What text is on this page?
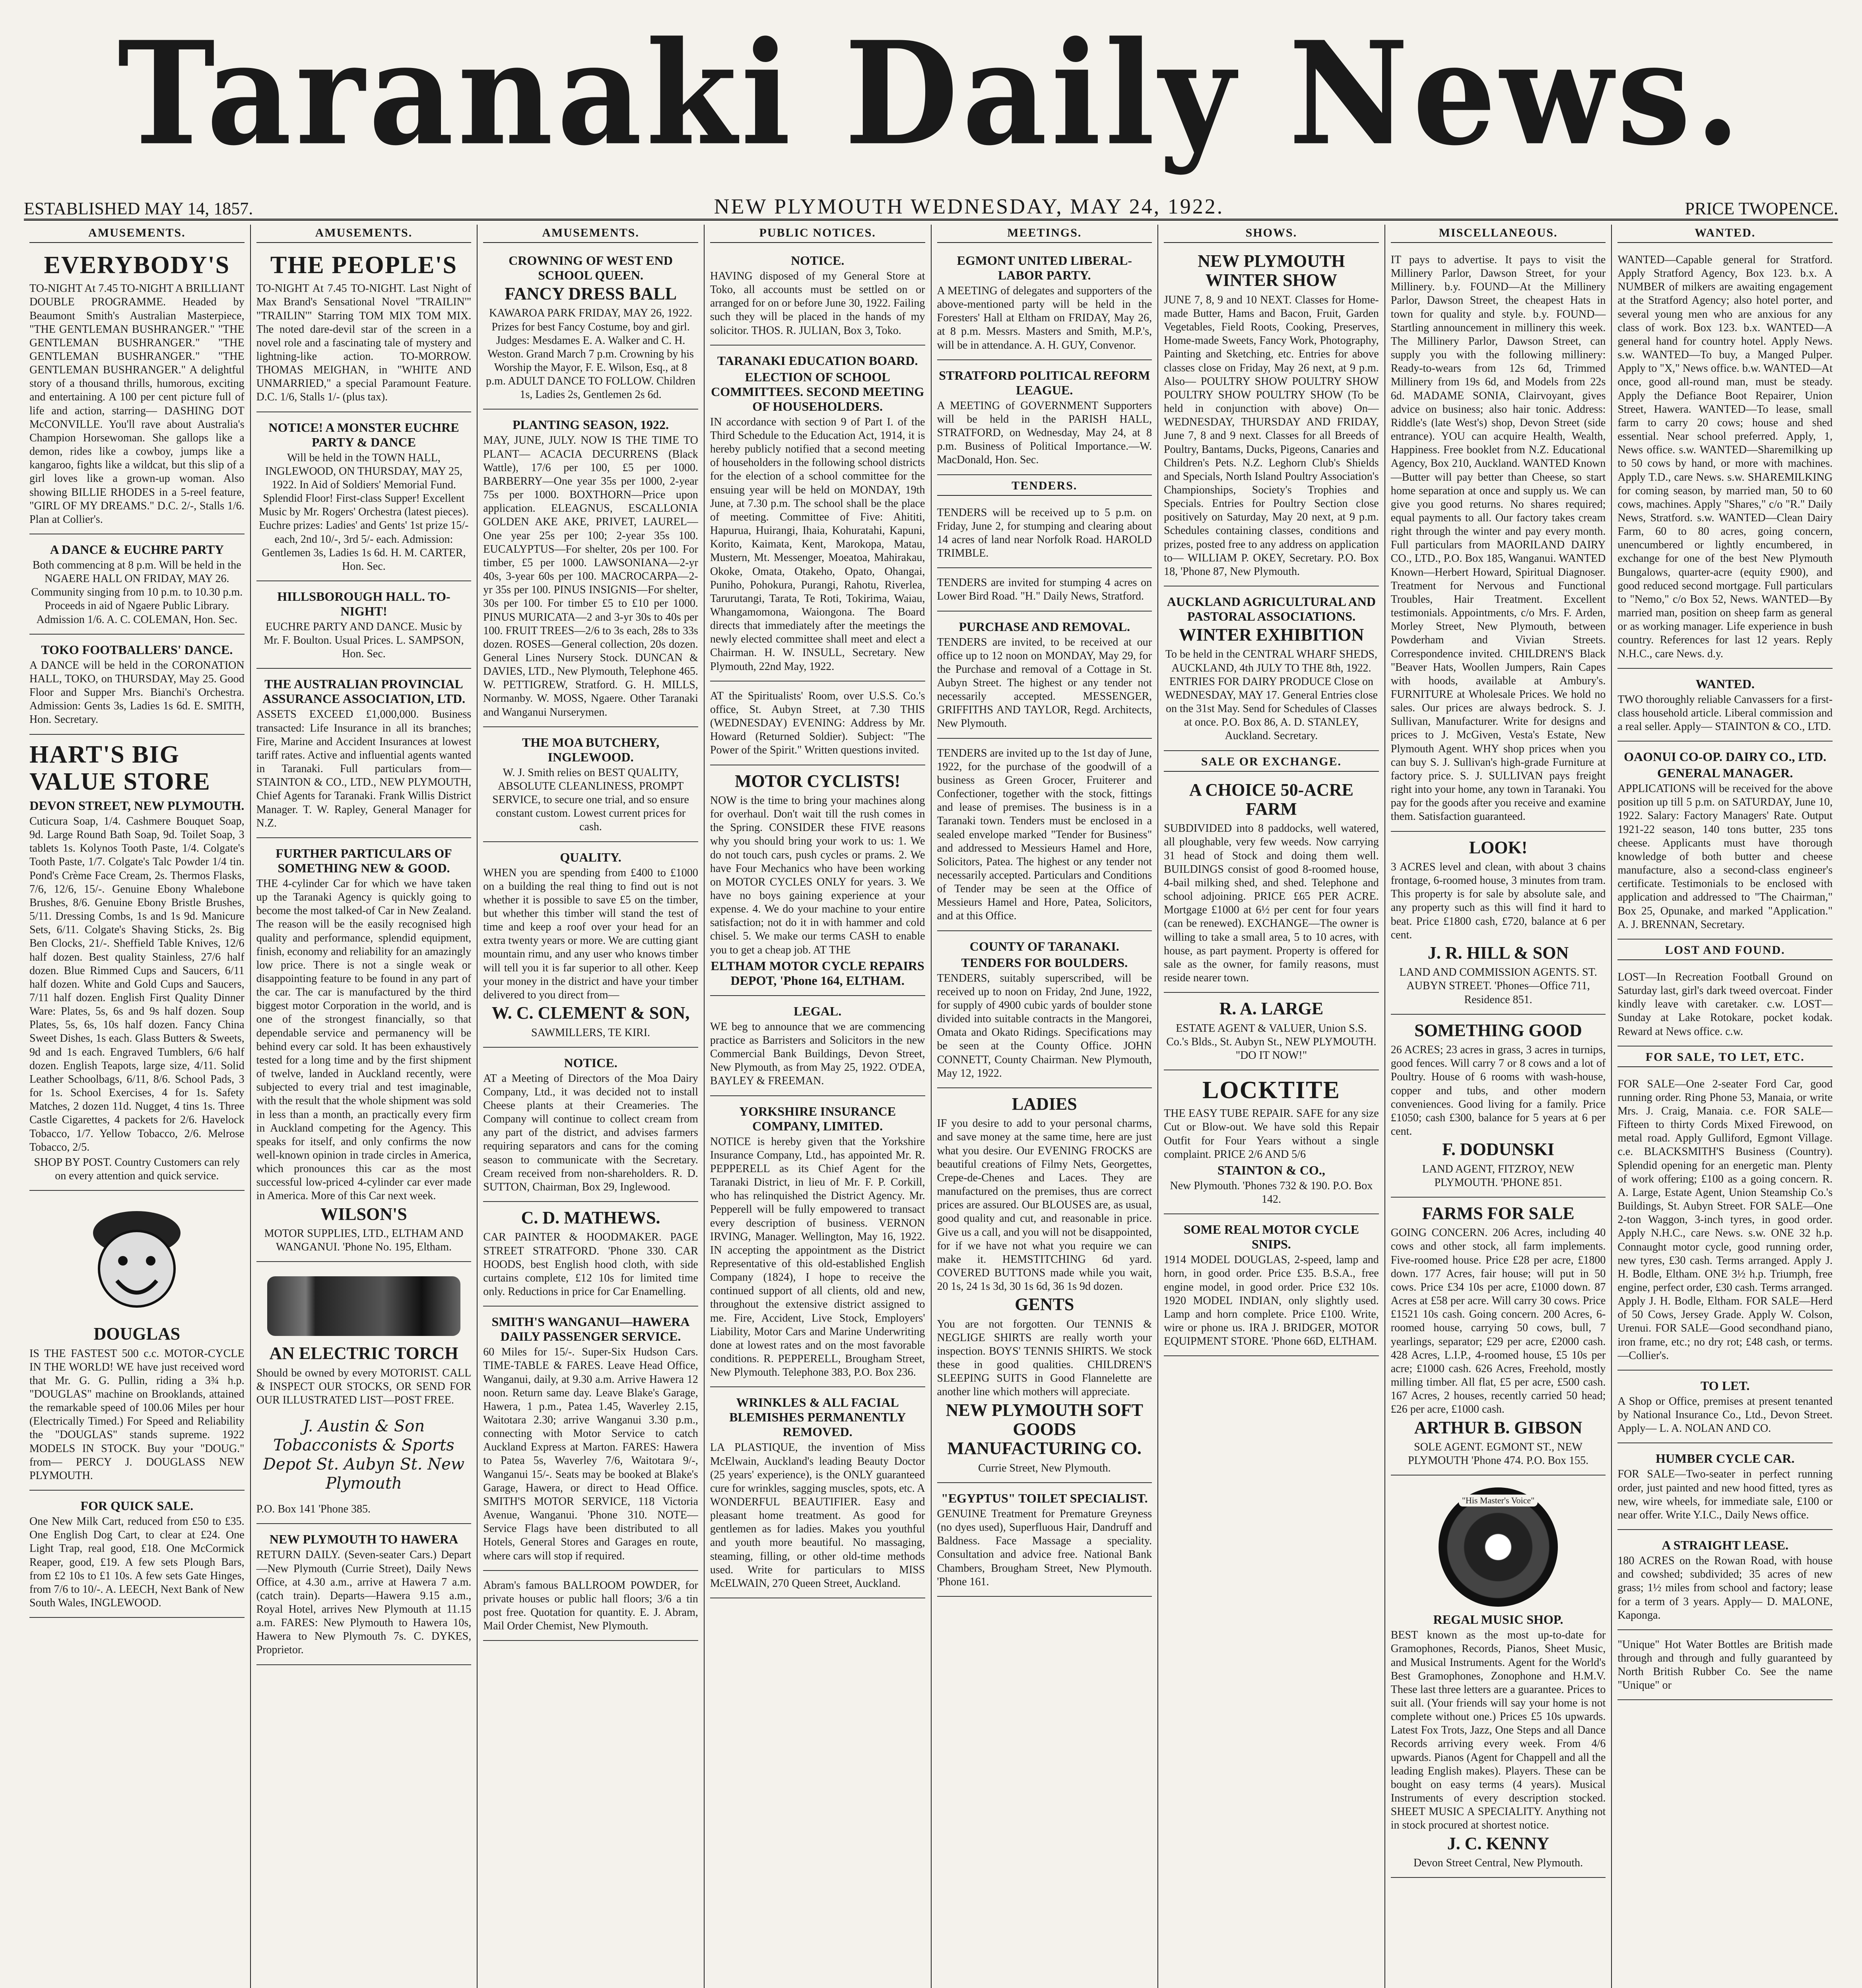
Taranaki Daily News.
ESTABLISHED MAY 14, 1857.	NEW PLYMOUTH WEDNESDAY, MAY 24, 1922.	PRICE TWOPENCE.
AMUSEMENTS.
EVERYBODY'S

TO-NIGHT At 7.45 TO-NIGHT A BRILLIANT DOUBLE PROGRAMME. Headed by Beaumont Smith's Australian Masterpiece, "THE GENTLEMAN BUSHRANGER." "THE GENTLEMAN BUSHRANGER." "THE GENTLEMAN BUSHRANGER." "THE GENTLEMAN BUSHRANGER." A delightful story of a thousand thrills, humorous, exciting and entertaining. A 100 per cent picture full of life and action, starring— DASHING DOT McCONVILLE. You'll rave about Australia's Champion Horsewoman. She gallops like a demon, rides like a cowboy, jumps like a kangaroo, fights like a wildcat, but this slip of a girl loves like a grown-up woman. Also showing BILLIE RHODES in a 5-reel feature, "GIRL OF MY DREAMS." D.C. 2/-, Stalls 1/6. Plan at Collier's.

A DANCE & EUCHRE PARTY

Both commencing at 8 p.m. Will be held in the NGAERE HALL ON FRIDAY, MAY 26. Community singing from 10 p.m. to 10.30 p.m. Proceeds in aid of Ngaere Public Library. Admission 1/6. A. C. COLEMAN, Hon. Sec.

TOKO FOOTBALLERS' DANCE.

A DANCE will be held in the CORONATION HALL, TOKO, on THURSDAY, May 25. Good Floor and Supper Mrs. Bianchi's Orchestra. Admission: Gents 3s, Ladies 1s 6d. E. SMITH, Hon. Secretary.

HART'S BIG VALUE STORE
DEVON STREET, NEW PLYMOUTH.

Cuticura Soap, 1/4. Cashmere Bouquet Soap, 9d. Large Round Bath Soap, 9d. Toilet Soap, 3 tablets 1s. Kolynos Tooth Paste, 1/4. Colgate's Tooth Paste, 1/7. Colgate's Talc Powder 1/4 tin. Pond's Crème Face Cream, 2s. Thermos Flasks, 7/6, 12/6, 15/-. Genuine Ebony Whalebone Brushes, 8/6. Genuine Ebony Bristle Brushes, 5/11. Dressing Combs, 1s and 1s 9d. Manicure Sets, 6/11. Colgate's Shaving Sticks, 2s. Big Ben Clocks, 21/-. Sheffield Table Knives, 12/6 half dozen. Best quality Stainless, 27/6 half dozen. Blue Rimmed Cups and Saucers, 6/11 half dozen. White and Gold Cups and Saucers, 7/11 half dozen. English First Quality Dinner Ware: Plates, 5s, 6s and 9s half dozen. Soup Plates, 5s, 6s, 10s half dozen. Fancy China Sweet Dishes, 1s each. Glass Butters & Sweets, 9d and 1s each. Engraved Tumblers, 6/6 half dozen. English Teapots, large size, 4/11. Solid Leather Schoolbags, 6/11, 8/6. School Pads, 3 for 1s. School Exercises, 4 for 1s. Safety Matches, 2 dozen 11d. Nugget, 4 tins 1s. Three Castle Cigarettes, 4 packets for 2/6. Havelock Tobacco, 1/7. Yellow Tobacco, 2/6. Melrose Tobacco, 2/5.

SHOP BY POST. Country Customers can rely on every attention and quick service.

DOUGLAS

IS THE FASTEST 500 c.c. MOTOR-CYCLE IN THE WORLD! WE have just received word that Mr. G. G. Pullin, riding a 3¾ h.p. "DOUGLAS" machine on Brooklands, attained the remarkable speed of 100.06 Miles per hour (Electrically Timed.) For Speed and Reliability the "DOUGLAS" stands supreme. 1922 MODELS IN STOCK. Buy your "DOUG." from— PERCY J. DOUGLASS NEW PLYMOUTH.

FOR QUICK SALE.

One New Milk Cart, reduced from £50 to £35. One English Dog Cart, to clear at £24. One Light Trap, real good, £18. One McCormick Reaper, good, £19. A few sets Plough Bars, from £2 10s to £1 10s. A few sets Gate Hinges, from 7/6 to 10/-. A. LEECH, Next Bank of New South Wales, INGLEWOOD.

AMUSEMENTS.
THE PEOPLE'S

TO-NIGHT At 7.45 TO-NIGHT. Last Night of Max Brand's Sensational Novel "TRAILIN'" "TRAILIN'" Starring TOM MIX TOM MIX. The noted dare-devil star of the screen in a novel role and a fascinating tale of mystery and lightning-like action. TO-MORROW. THOMAS MEIGHAN, in "WHITE AND UNMARRIED," a special Paramount Feature. D.C. 1/6, Stalls 1/- (plus tax).

NOTICE! A MONSTER EUCHRE PARTY & DANCE

Will be held in the TOWN HALL, INGLEWOOD, ON THURSDAY, MAY 25, 1922. In Aid of Soldiers' Memorial Fund. Splendid Floor! First-class Supper! Excellent Music by Mr. Rogers' Orchestra (latest pieces). Euchre prizes: Ladies' and Gents' 1st prize 15/- each, 2nd 10/-, 3rd 5/- each. Admission: Gentlemen 3s, Ladies 1s 6d. H. M. CARTER, Hon. Sec.

HILLSBOROUGH HALL. TO-NIGHT!

EUCHRE PARTY AND DANCE. Music by Mr. F. Boulton. Usual Prices. L. SAMPSON, Hon. Sec.

THE AUSTRALIAN PROVINCIAL ASSURANCE ASSOCIATION, LTD.

ASSETS EXCEED £1,000,000. Business transacted: Life Insurance in all its branches; Fire, Marine and Accident Insurances at lowest tariff rates. Active and influential agents wanted in Taranaki. Full particulars from— STAINTON & CO., LTD., NEW PLYMOUTH, Chief Agents for Taranaki. Frank Willis District Manager. T. W. Rapley, General Manager for N.Z.

FURTHER PARTICULARS OF SOMETHING NEW & GOOD.

THE 4-cylinder Car for which we have taken up the Taranaki Agency is quickly going to become the most talked-of Car in New Zealand. The reason will be the easily recognised high quality and performance, splendid equipment, finish, economy and reliability for an amazingly low price. There is not a single weak or disappointing feature to be found in any part of the car. The car is manufactured by the third biggest motor Corporation in the world, and is one of the strongest financially, so that dependable service and permanency will be behind every car sold. It has been exhaustively tested for a long time and by the first shipment of twelve, landed in Auckland recently, were subjected to every trial and test imaginable, with the result that the whole shipment was sold in less than a month, an practically every firm in Auckland competing for the Agency. This speaks for itself, and only confirms the now well-known opinion in trade circles in America, which pronounces this car as the most successful low-priced 4-cylinder car ever made in America. More of this Car next week.

WILSON'S

MOTOR SUPPLIES, LTD., ELTHAM AND WANGANUI. 'Phone No. 195, Eltham.

AN ELECTRIC TORCH

Should be owned by every MOTORIST. CALL & INSPECT OUR STOCKS, OR SEND FOR OUR ILLUSTRATED LIST—POST FREE.

J. Austin & Son Tobacconists & Sports Depot St. Aubyn St. New Plymouth

P.O. Box 141 'Phone 385.

NEW PLYMOUTH TO HAWERA

RETURN DAILY. (Seven-seater Cars.) Depart—New Plymouth (Currie Street), Daily News Office, at 4.30 a.m., arrive at Hawera 7 a.m. (catch train). Departs—Hawera 9.15 a.m., Royal Hotel, arrives New Plymouth at 11.15 a.m. FARES: New Plymouth to Hawera 10s, Hawera to New Plymouth 7s. C. DYKES, Proprietor.

AMUSEMENTS.
CROWNING OF WEST END SCHOOL QUEEN.
FANCY DRESS BALL

KAWAROA PARK FRIDAY, MAY 26, 1922. Prizes for best Fancy Costume, boy and girl. Judges: Mesdames E. A. Walker and C. H. Weston. Grand March 7 p.m. Crowning by his Worship the Mayor, F. E. Wilson, Esq., at 8 p.m. ADULT DANCE TO FOLLOW. Children 1s, Ladies 2s, Gentlemen 2s 6d.

PLANTING SEASON, 1922.

MAY, JUNE, JULY. NOW IS THE TIME TO PLANT— ACACIA DECURRENS (Black Wattle), 17/6 per 100, £5 per 1000. BARBERRY—One year 35s per 1000, 2-year 75s per 1000. BOXTHORN—Price upon application. ELEAGNUS, ESCALLONIA GOLDEN AKE AKE, PRIVET, LAUREL—One year 25s per 100; 2-year 35s 100. EUCALYPTUS—For shelter, 20s per 100. For timber, £5 per 1000. LAWSONIANA—2-yr 40s, 3-year 60s per 100. MACROCARPA—2-yr 35s per 100. PINUS INSIGNIS—For shelter, 30s per 100. For timber £5 to £10 per 1000. PINUS MURICATA—2 and 3-yr 30s to 40s per 100. FRUIT TREES—2/6 to 3s each, 28s to 33s dozen. ROSES—General collection, 20s dozen. General Lines Nursery Stock. DUNCAN & DAVIES, LTD., New Plymouth, Telephone 465. W. PETTIGREW, Stratford. G. H. MILLS, Normanby. W. MOSS, Ngaere. Other Taranaki and Wanganui Nurserymen.

THE MOA BUTCHERY, INGLEWOOD.

W. J. Smith relies on BEST QUALITY, ABSOLUTE CLEANLINESS, PROMPT SERVICE, to secure one trial, and so ensure constant custom. Lowest current prices for cash.

QUALITY.

WHEN you are spending from £400 to £1000 on a building the real thing to find out is not whether it is possible to save £5 on the timber, but whether this timber will stand the test of time and keep a roof over your head for an extra twenty years or more. We are cutting giant mountain rimu, and any user who knows timber will tell you it is far superior to all other. Keep your money in the district and have your timber delivered to you direct from—

W. C. CLEMENT & SON,

SAWMILLERS, TE KIRI.

NOTICE.

AT a Meeting of Directors of the Moa Dairy Company, Ltd., it was decided not to install Cheese plants at their Creameries. The Company will continue to collect cream from any part of the district, and advises farmers requiring separators and cans for the coming season to communicate with the Secretary. Cream received from non-shareholders. R. D. SUTTON, Chairman, Box 29, Inglewood.

C. D. MATHEWS.

CAR PAINTER & HOODMAKER. PAGE STREET STRATFORD. 'Phone 330. CAR HOODS, best English hood cloth, with side curtains complete, £12 10s for limited time only. Reductions in price for Car Enamelling.

SMITH'S WANGANUI—HAWERA DAILY PASSENGER SERVICE.

60 Miles for 15/-. Super-Six Hudson Cars. TIME-TABLE & FARES. Leave Head Office, Wanganui, daily, at 9.30 a.m. Arrive Hawera 12 noon. Return same day. Leave Blake's Garage, Hawera, 1 p.m., Patea 1.45, Waverley 2.15, Waitotara 2.30; arrive Wanganui 3.30 p.m., connecting with Motor Service to catch Auckland Express at Marton. FARES: Hawera to Patea 5s, Waverley 7/6, Waitotara 9/-, Wanganui 15/-. Seats may be booked at Blake's Garage, Hawera, or direct to Head Office. SMITH'S MOTOR SERVICE, 118 Victoria Avenue, Wanganui. 'Phone 310. NOTE—Service Flags have been distributed to all Hotels, General Stores and Garages en route, where cars will stop if required.

Abram's famous BALLROOM POWDER, for private houses or public hall floors; 3/6 a tin post free. Quotation for quantity. E. J. Abram, Mail Order Chemist, New Plymouth.

PUBLIC NOTICES.
NOTICE.

HAVING disposed of my General Store at Toko, all accounts must be settled on or arranged for on or before June 30, 1922. Failing such they will be placed in the hands of my solicitor. THOS. R. JULIAN, Box 3, Toko.

TARANAKI EDUCATION BOARD.
ELECTION OF SCHOOL COMMITTEES. SECOND MEETING OF HOUSEHOLDERS.

IN accordance with section 9 of Part I. of the Third Schedule to the Education Act, 1914, it is hereby publicly notified that a second meeting of householders in the following school districts for the election of a school committee for the ensuing year will be held on MONDAY, 19th June, at 7.30 p.m. The school shall be the place of meeting. Committee of Five: Ahititi, Hapurua, Huirangi, Ihaia, Kohuratahi, Kapuni, Korito, Kaimata, Kent, Marokopa, Matau, Mustern, Mt. Messenger, Moeatoa, Mahirakau, Okoke, Omata, Otakeho, Opato, Ohangai, Puniho, Pohokura, Purangi, Rahotu, Riverlea, Tarurutangi, Tarata, Te Roti, Tokirima, Waiau, Whangamomona, Waiongona. The Board directs that immediately after the meetings the newly elected committee shall meet and elect a Chairman. H. W. INSULL, Secretary. New Plymouth, 22nd May, 1922.

AT the Spiritualists' Room, over U.S.S. Co.'s office, St. Aubyn Street, at 7.30 THIS (WEDNESDAY) EVENING: Address by Mr. Howard (Returned Soldier). Subject: "The Power of the Spirit." Written questions invited.

MOTOR CYCLISTS!

NOW is the time to bring your machines along for overhaul. Don't wait till the rush comes in the Spring. CONSIDER these FIVE reasons why you should bring your work to us: 1. We do not touch cars, push cycles or prams. 2. We have Four Mechanics who have been working on MOTOR CYCLES ONLY for years. 3. We have no boys gaining experience at your expense. 4. We do your machine to your entire satisfaction; not do it in with hammer and cold chisel. 5. We make our terms CASH to enable you to get a cheap job. AT THE

ELTHAM MOTOR CYCLE REPAIRS DEPOT, 'Phone 164, ELTHAM.
LEGAL.

WE beg to announce that we are commencing practice as Barristers and Solicitors in the new Commercial Bank Buildings, Devon Street, New Plymouth, as from May 25, 1922. O'DEA, BAYLEY & FREEMAN.

YORKSHIRE INSURANCE COMPANY, LIMITED.

NOTICE is hereby given that the Yorkshire Insurance Company, Ltd., has appointed Mr. R. PEPPERELL as its Chief Agent for the Taranaki District, in lieu of Mr. F. P. Corkill, who has relinquished the District Agency. Mr. Pepperell will be fully empowered to transact every description of business. VERNON IRVING, Manager. Wellington, May 16, 1922. IN accepting the appointment as the District Representative of this old-established English Company (1824), I hope to receive the continued support of all clients, old and new, throughout the extensive district assigned to me. Fire, Accident, Live Stock, Employers' Liability, Motor Cars and Marine Underwriting done at lowest rates and on the most favorable conditions. R. PEPPERELL, Brougham Street, New Plymouth. Telephone 383, P.O. Box 236.

WRINKLES & ALL FACIAL BLEMISHES PERMANENTLY REMOVED.

LA PLASTIQUE, the invention of Miss McElwain, Auckland's leading Beauty Doctor (25 years' experience), is the ONLY guaranteed cure for wrinkles, sagging muscles, spots, etc. A WONDERFUL BEAUTIFIER. Easy and pleasant home treatment. As good for gentlemen as for ladies. Makes you youthful and youth more beautiful. No massaging, steaming, filling, or other old-time methods used. Write for particulars to MISS McELWAIN, 270 Queen Street, Auckland.

MEETINGS.
EGMONT UNITED LIBERAL-LABOR PARTY.

A MEETING of delegates and supporters of the above-mentioned party will be held in the Foresters' Hall at Eltham on FRIDAY, May 26, at 8 p.m. Messrs. Masters and Smith, M.P.'s, will be in attendance. A. H. GUY, Convenor.

STRATFORD POLITICAL REFORM LEAGUE.

A MEETING of GOVERNMENT Supporters will be held in the PARISH HALL, STRATFORD, on Wednesday, May 24, at 8 p.m. Business of Political Importance.—W. MacDonald, Hon. Sec.

TENDERS.

TENDERS will be received up to 5 p.m. on Friday, June 2, for stumping and clearing about 14 acres of land near Norfolk Road. HAROLD TRIMBLE.

TENDERS are invited for stumping 4 acres on Lower Bird Road. "H." Daily News, Stratford.

PURCHASE AND REMOVAL.

TENDERS are invited, to be received at our office up to 12 noon on MONDAY, May 29, for the Purchase and removal of a Cottage in St. Aubyn Street. The highest or any tender not necessarily accepted. MESSENGER, GRIFFITHS AND TAYLOR, Regd. Architects, New Plymouth.

TENDERS are invited up to the 1st day of June, 1922, for the purchase of the goodwill of a business as Green Grocer, Fruiterer and Confectioner, together with the stock, fittings and lease of premises. The business is in a Taranaki town. Tenders must be enclosed in a sealed envelope marked "Tender for Business" and addressed to Messieurs Hamel and Hore, Solicitors, Patea. The highest or any tender not necessarily accepted. Particulars and Conditions of Tender may be seen at the Office of Messieurs Hamel and Hore, Patea, Solicitors, and at this Office.

COUNTY OF TARANAKI.
TENDERS FOR BOULDERS.

TENDERS, suitably superscribed, will be received up to noon on Friday, 2nd June, 1922, for supply of 4900 cubic yards of boulder stone divided into suitable contracts in the Mangorei, Omata and Okato Ridings. Specifications may be seen at the County Office. JOHN CONNETT, County Chairman. New Plymouth, May 12, 1922.

LADIES

IF you desire to add to your personal charms, and save money at the same time, here are just what you desire. Our EVENING FROCKS are beautiful creations of Filmy Nets, Georgettes, Crepe-de-Chenes and Laces. They are manufactured on the premises, thus are correct prices are assured. Our BLOUSES are, as usual, good quality and cut, and reasonable in price. Give us a call, and you will not be disappointed, for if we have not what you require we can make it. HEMSTITCHING 6d yard. COVERED BUTTONS made while you wait, 20 1s, 24 1s 3d, 30 1s 6d, 36 1s 9d dozen.

GENTS

You are not forgotten. Our TENNIS & NEGLIGE SHIRTS are really worth your inspection. BOYS' TENNIS SHIRTS. We stock these in good qualities. CHILDREN'S SLEEPING SUITS in Good Flannelette are another line which mothers will appreciate.

NEW PLYMOUTH SOFT GOODS MANUFACTURING CO.

Currie Street, New Plymouth.

"EGYPTUS" TOILET SPECIALIST.

GENUINE Treatment for Premature Greyness (no dyes used), Superfluous Hair, Dandruff and Baldness. Face Massage a speciality. Consultation and advice free. National Bank Chambers, Brougham Street, New Plymouth. 'Phone 161.

SHOWS.
NEW PLYMOUTH WINTER SHOW

JUNE 7, 8, 9 and 10 NEXT. Classes for Home-made Butter, Hams and Bacon, Fruit, Garden Vegetables, Field Roots, Cooking, Preserves, Home-made Sweets, Fancy Work, Photography, Painting and Sketching, etc. Entries for above classes close on Friday, May 26 next, at 9 p.m. Also— POULTRY SHOW POULTRY SHOW POULTRY SHOW POULTRY SHOW (To be held in conjunction with above) On— WEDNESDAY, THURSDAY AND FRIDAY, June 7, 8 and 9 next. Classes for all Breeds of Poultry, Bantams, Ducks, Pigeons, Canaries and Children's Pets. N.Z. Leghorn Club's Shields and Specials, North Island Poultry Association's Championships, Society's Trophies and Specials. Entries for Poultry Section close positively on Saturday, May 20 next, at 9 p.m. Schedules containing classes, conditions and prizes, posted free to any address on application to— WILLIAM P. OKEY, Secretary. P.O. Box 18, 'Phone 87, New Plymouth.

AUCKLAND AGRICULTURAL AND PASTORAL ASSOCIATIONS.
WINTER EXHIBITION

To be held in the CENTRAL WHARF SHEDS, AUCKLAND, 4th JULY TO THE 8th, 1922. ENTRIES FOR DAIRY PRODUCE Close on WEDNESDAY, MAY 17. General Entries close on the 31st May. Send for Schedules of Classes at once. P.O. Box 86, A. D. STANLEY, Auckland. Secretary.

SALE OR EXCHANGE.
A CHOICE 50-ACRE FARM

SUBDIVIDED into 8 paddocks, well watered, all ploughable, very few weeds. Now carrying 31 head of Stock and doing them well. BUILDINGS consist of good 8-roomed house, 4-bail milking shed, and shed. Telephone and school adjoining. PRICE £65 PER ACRE. Mortgage £1000 at 6½ per cent for four years (can be renewed). EXCHANGE—The owner is willing to take a small area, 5 to 10 acres, with house, as part payment. Property is offered for sale as the owner, for family reasons, must reside nearer town.

R. A. LARGE

ESTATE AGENT & VALUER, Union S.S. Co.'s Blds., St. Aubyn St., NEW PLYMOUTH. "DO IT NOW!"

LOCKTITE

THE EASY TUBE REPAIR. SAFE for any size Cut or Blow-out. We have sold this Repair Outfit for Four Years without a single complaint. PRICE 2/6 AND 5/6

STAINTON & CO.,

New Plymouth. 'Phones 732 & 190. P.O. Box 142.

SOME REAL MOTOR CYCLE SNIPS.

1914 MODEL DOUGLAS, 2-speed, lamp and horn, in good order. Price £35. B.S.A., free engine model, in good order. Price £32 10s. 1920 MODEL INDIAN, only slightly used. Lamp and horn complete. Price £100. Write, wire or phone us. IRA J. BRIDGER, MOTOR EQUIPMENT STORE. 'Phone 66D, ELTHAM.

MISCELLANEOUS.

IT pays to advertise. It pays to visit the Millinery Parlor, Dawson Street, for your Millinery. b.y. FOUND—At the Millinery Parlor, Dawson Street, the cheapest Hats in town for quality and style. b.y. FOUND—Startling announcement in millinery this week. The Millinery Parlor, Dawson Street, can supply you with the following millinery: Ready-to-wears from 12s 6d, Trimmed Millinery from 19s 6d, and Models from 22s 6d. MADAME SONIA, Clairvoyant, gives advice on business; also hair tonic. Address: Riddle's (late West's) shop, Devon Street (side entrance). YOU can acquire Health, Wealth, Happiness. Free booklet from N.Z. Educational Agency, Box 210, Auckland. WANTED Known—Butter will pay better than Cheese, so start home separation at once and supply us. We can give you good returns. No shares required; equal payments to all. Our factory takes cream right through the winter and pay every month. Full particulars from MAORILAND DAIRY CO., LTD., P.O. Box 185, Wanganui. WANTED Known—Herbert Howard, Spiritual Diagnoser. Treatment for Nervous and Functional Troubles, Hair Treatment. Excellent testimonials. Appointments, c/o Mrs. F. Arden, Morley Street, New Plymouth, between Powderham and Vivian Streets. Correspondence invited. CHILDREN'S Black "Beaver Hats, Woollen Jumpers, Rain Capes with hoods, available at Ambury's. FURNITURE at Wholesale Prices. We hold no sales. Our prices are always bedrock. S. J. Sullivan, Manufacturer. Write for designs and prices to J. McGiven, Vesta's Estate, New Plymouth Agent. WHY shop prices when you can buy S. J. Sullivan's high-grade Furniture at factory price. S. J. SULLIVAN pays freight right into your home, any town in Taranaki. You pay for the goods after you receive and examine them. Satisfaction guaranteed.

LOOK!

3 ACRES level and clean, with about 3 chains frontage, 6-roomed house, 3 minutes from tram. This property is for sale by absolute sale, and any property such as this will find it hard to beat. Price £1800 cash, £720, balance at 6 per cent.

J. R. HILL & SON

LAND AND COMMISSION AGENTS. ST. AUBYN STREET. 'Phones—Office 711, Residence 851.

SOMETHING GOOD

26 ACRES; 23 acres in grass, 3 acres in turnips, good fences. Will carry 7 or 8 cows and a lot of Poultry. House of 6 rooms with wash-house, copper and tubs, and other modern conveniences. Good living for a family. Price £1050; cash £300, balance for 5 years at 6 per cent.

F. DODUNSKI

LAND AGENT, FITZROY, NEW PLYMOUTH. 'PHONE 851.

FARMS FOR SALE

GOING CONCERN. 206 Acres, including 40 cows and other stock, all farm implements. Five-roomed house. Price £28 per acre, £1800 down. 177 Acres, fair house; will put in 50 cows. Price £34 10s per acre, £1000 down. 87 Acres at £58 per acre. Will carry 30 cows. Price £1521 10s cash. Going concern. 200 Acres, 6-roomed house, carrying 50 cows, bull, 7 yearlings, separator; £29 per acre, £2000 cash. 428 Acres, L.I.P., 4-roomed house, £5 10s per acre; £1000 cash. 626 Acres, Freehold, mostly milling timber. All flat, £5 per acre, £500 cash. 167 Acres, 2 houses, recently carried 50 head; £26 per acre, £1000 cash.

ARTHUR B. GIBSON

SOLE AGENT. EGMONT ST., NEW PLYMOUTH 'Phone 474. P.O. Box 155.

"His Master's Voice"
REGAL MUSIC SHOP.

BEST known as the most up-to-date for Gramophones, Records, Pianos, Sheet Music, and Musical Instruments. Agent for the World's Best Gramophones, Zonophone and H.M.V. These last three letters are a guarantee. Prices to suit all. (Your friends will say your home is not complete without one.) Prices £5 10s upwards. Latest Fox Trots, Jazz, One Steps and all Dance Records arriving every week. From 4/6 upwards. Pianos (Agent for Chappell and all the leading English makes). Players. These can be bought on easy terms (4 years). Musical Instruments of every description stocked. SHEET MUSIC A SPECIALITY. Anything not in stock procured at shortest notice.

J. C. KENNY

Devon Street Central, New Plymouth.

WANTED.

WANTED—Capable general for Stratford. Apply Stratford Agency, Box 123. b.x. A NUMBER of milkers are awaiting engagement at the Stratford Agency; also hotel porter, and several young men who are anxious for any class of work. Box 123. b.x. WANTED—A general hand for country hotel. Apply News. s.w. WANTED—To buy, a Manged Pulper. Apply to "X," News office. b.w. WANTED—At once, good all-round man, must be steady. Apply the Defiance Boot Repairer, Union Street, Hawera. WANTED—To lease, small farm to carry 20 cows; house and shed essential. Near school preferred. Apply, 1, News office. s.w. WANTED—Sharemilking up to 50 cows by hand, or more with machines. Apply T.D., care News. s.w. SHAREMILKING for coming season, by married man, 50 to 60 cows, machines. Apply "Shares," c/o "R." Daily News, Stratford. s.w. WANTED—Clean Dairy Farm, 60 to 80 acres, going concern, unencumbered or lightly encumbered, in exchange for one of the best New Plymouth Bungalows, quarter-acre (equity £900), and good reduced second mortgage. Full particulars to "Nemo," c/o Box 52, News. WANTED—By married man, position on sheep farm as general or as working manager. Life experience in bush country. References for last 12 years. Reply N.H.C., care News. d.y.

WANTED.

TWO thoroughly reliable Canvassers for a first-class household article. Liberal commission and a real seller. Apply— STAINTON & CO., LTD.

OAONUI CO-OP. DAIRY CO., LTD.
GENERAL MANAGER.

APPLICATIONS will be received for the above position up till 5 p.m. on SATURDAY, June 10, 1922. Salary: Factory Managers' Rate. Output 1921-22 season, 140 tons butter, 235 tons cheese. Applicants must have thorough knowledge of both butter and cheese manufacture, also a second-class engineer's certificate. Testimonials to be enclosed with application and addressed to "The Chairman," Box 25, Opunake, and marked "Application." A. J. BRENNAN, Secretary.

LOST AND FOUND.

LOST—In Recreation Football Ground on Saturday last, girl's dark tweed overcoat. Finder kindly leave with caretaker. c.w. LOST—Sunday at Lake Rotokare, pocket kodak. Reward at News office. c.w.

FOR SALE, TO LET, ETC.

FOR SALE—One 2-seater Ford Car, good running order. Ring Phone 53, Manaia, or write Mrs. J. Craig, Manaia. c.e. FOR SALE—Fifteen to thirty Cords Mixed Firewood, on metal road. Apply Gulliford, Egmont Village. c.e. BLACKSMITH'S Business (Country). Splendid opening for an energetic man. Plenty of work offering; £100 as a going concern. R. A. Large, Estate Agent, Union Steamship Co.'s Buildings, St. Aubyn Street. FOR SALE—One 2-ton Waggon, 3-inch tyres, in good order. Apply N.H.C., care News. s.w. ONE 32 h.p. Connaught motor cycle, good running order, new tyres, £30 cash. Terms arranged. Apply J. H. Bodle, Eltham. ONE 3½ h.p. Triumph, free engine, perfect order, £30 cash. Terms arranged. Apply J. H. Bodle, Eltham. FOR SALE—Herd of 50 Cows, Jersey Grade. Apply W. Colson, Urenui. FOR SALE—Good secondhand piano, iron frame, etc.; no dry rot; £48 cash, or terms.—Collier's.

TO LET.

A Shop or Office, premises at present tenanted by National Insurance Co., Ltd., Devon Street. Apply— L. A. NOLAN AND CO.

HUMBER CYCLE CAR.

FOR SALE—Two-seater in perfect running order, just painted and new hood fitted, tyres as new, wire wheels, for immediate sale, £100 or near offer. Write Y.I.C., Daily News office.

A STRAIGHT LEASE.

180 ACRES on the Rowan Road, with house and cowshed; subdivided; 35 acres of new grass; 1½ miles from school and factory; lease for a term of 3 years. Apply— D. MALONE, Kaponga.

"Unique" Hot Water Bottles are British made through and through and fully guaranteed by North British Rubber Co. See the name "Unique" or
